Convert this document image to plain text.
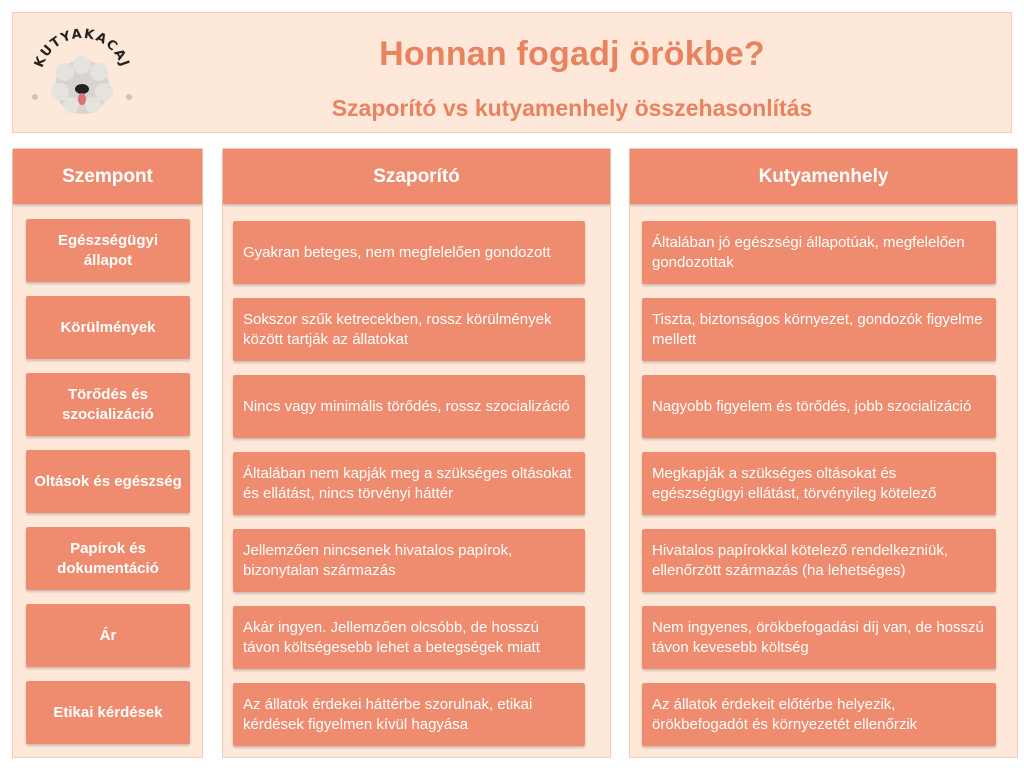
KUTYAKACAJ	Honnan fogadj örökbe?
Szaporító vs kutyamenhely összehasonlítás
Szempont
Egészségügyi állapot
Körülmények
Törődés és szocializáció
Oltások és egészség
Papírok és dokumentáció
Ár
Etikai kérdések
Szaporító
Gyakran beteges, nem megfelelően gondozott
Sokszor szűk ketrecekben, rossz körülmények között tartják az állatokat
Nincs vagy minimális törődés, rossz szocializáció
Általában nem kapják meg a szükséges oltásokat és ellátást, nincs törvényi háttér
Jellemzően nincsenek hivatalos papírok, bizonytalan származás
Akár ingyen. Jellemzően olcsóbb, de hosszú távon költségesebb lehet a betegségek miatt
Az állatok érdekei háttérbe szorulnak, etikai kérdések figyelmen kívül hagyása
Kutyamenhely
Általában jó egészségi állapotúak, megfelelően gondozottak
Tiszta, biztonságos környezet, gondozók figyelme mellett
Nagyobb figyelem és törődés, jobb szocializáció
Megkapják a szükséges oltásokat és egészségügyi ellátást, törvényileg kötelező
Hivatalos papírokkal kötelező rendelkezniük, ellenőrzött származás (ha lehetséges)
Nem ingyenes, örökbefogadási díj van, de hosszú távon kevesebb költség
Az állatok érdekeit előtérbe helyezik, örökbefogadót és környezetét ellenőrzik
